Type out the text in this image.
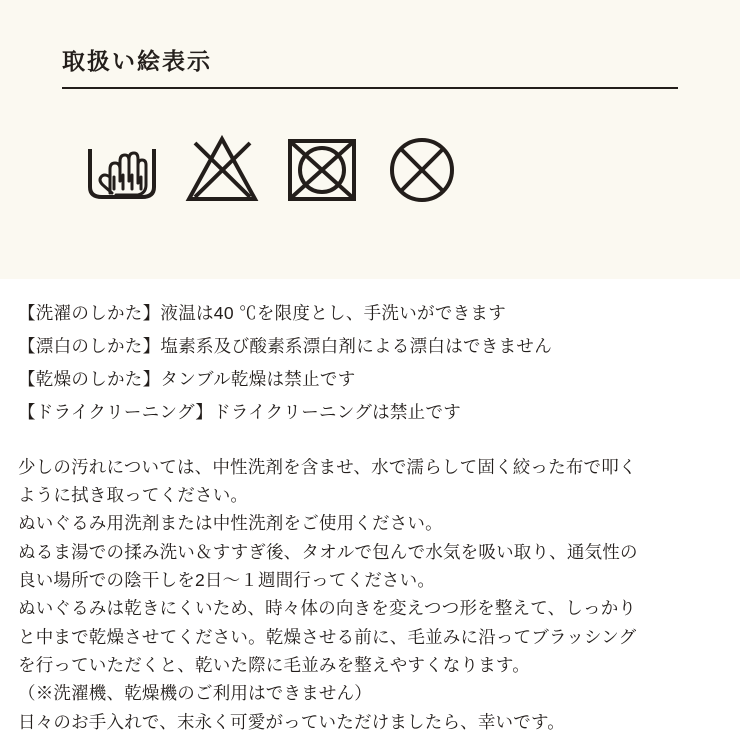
取扱い絵表示

【洗濯のしかた】液温は40 ℃を限度とし、手洗いができます

【漂白のしかた】塩素系及び酸素系漂白剤による漂白はできません

【乾燥のしかた】タンブル乾燥は禁止です

【ドライクリーニング】ドライクリーニングは禁止です

少しの汚れについては、中性洗剤を含ませ、水で濡らして固く絞った布で叩く

ように拭き取ってください。

ぬいぐるみ用洗剤または中性洗剤をご使用ください。

ぬるま湯での揉み洗い＆すすぎ後、タオルで包んで水気を吸い取り、通気性の

良い場所での陰干しを2日〜１週間行ってください。

ぬいぐるみは乾きにくいため、時々体の向きを変えつつ形を整えて、しっかり

と中まで乾燥させてください。乾燥させる前に、毛並みに沿ってブラッシング

を行っていただくと、乾いた際に毛並みを整えやすくなります。

（※洗濯機、乾燥機のご利用はできません）

日々のお手入れで、末永く可愛がっていただけましたら、幸いです。
